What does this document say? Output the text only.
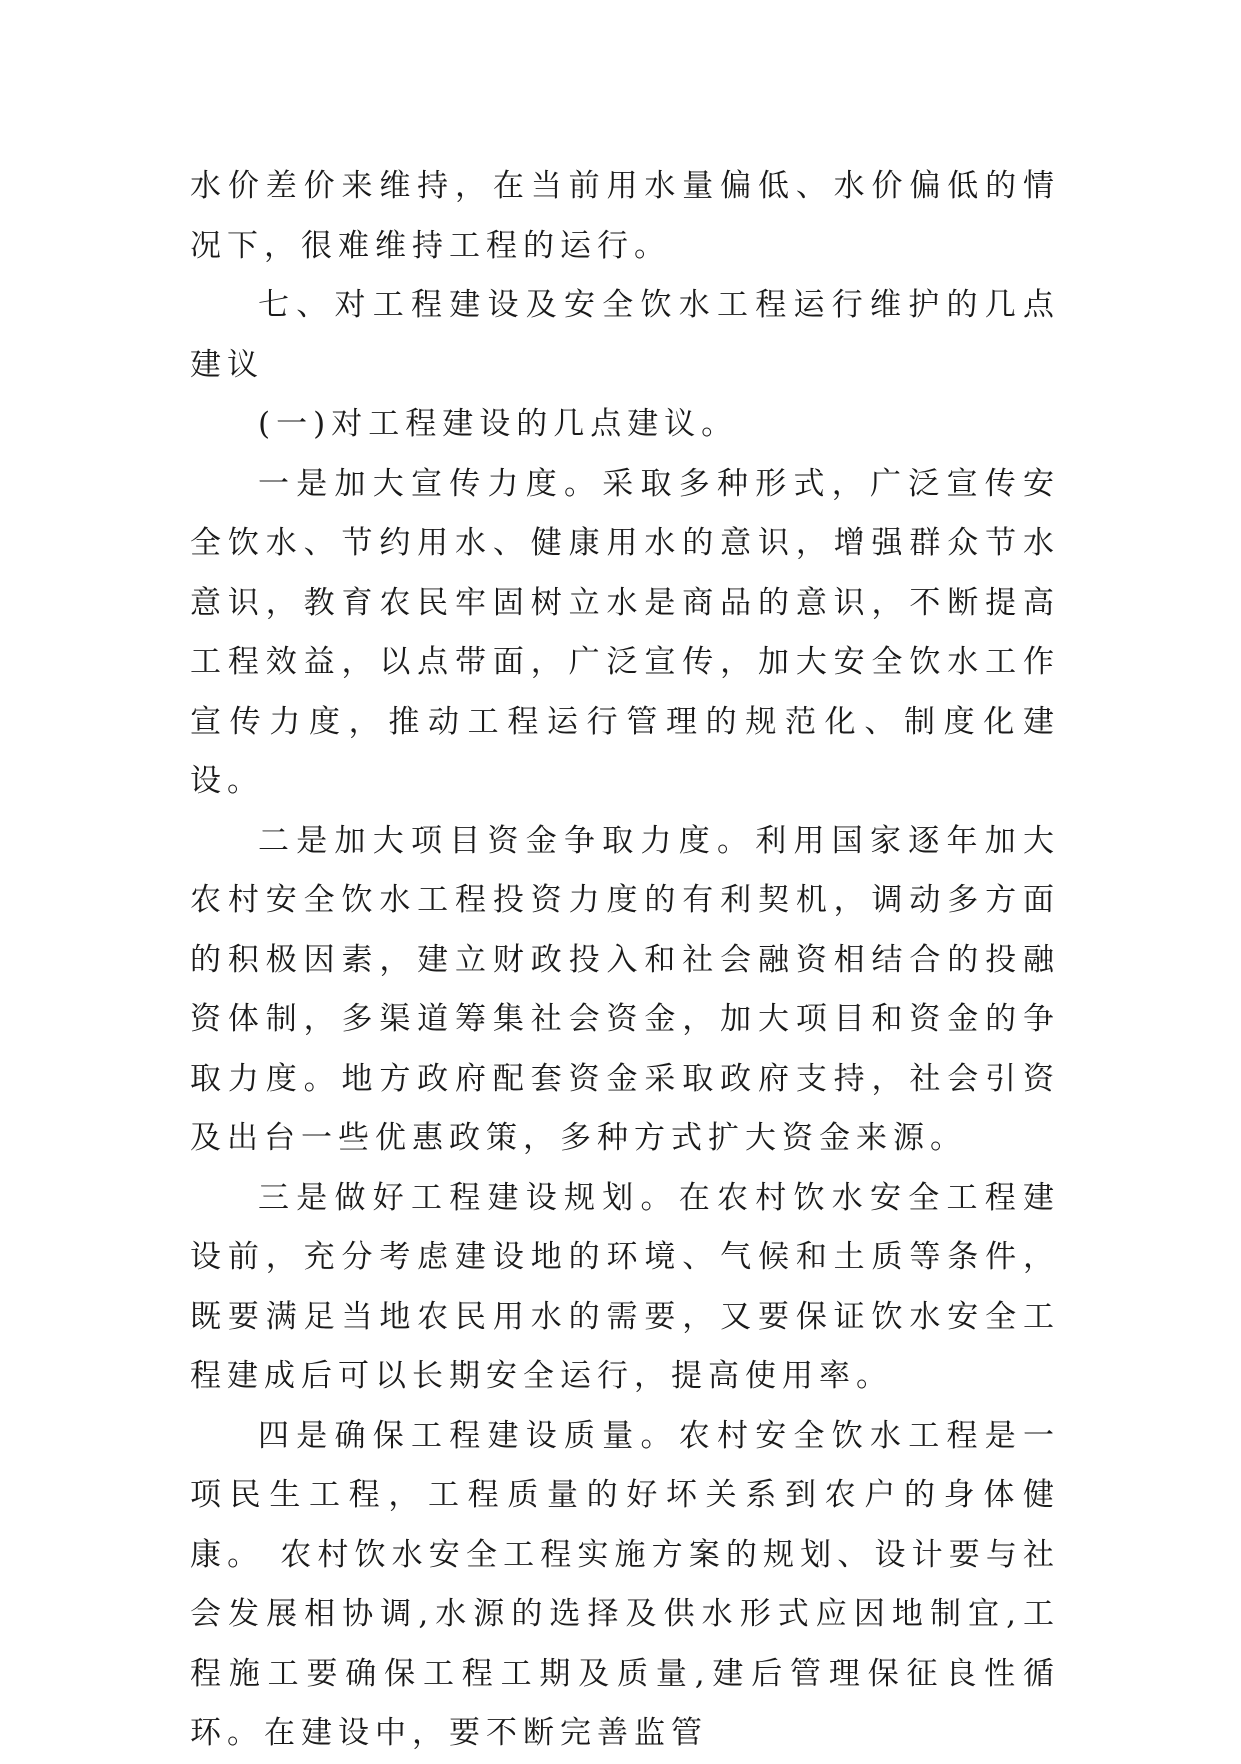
水价差价来维持，在当前用水量偏低、水价偏低的情况下，很难维持工程的运行。

七、对工程建设及安全饮水工程运行维护的几点建议

(一)对工程建设的几点建议。

一是加大宣传力度。采取多种形式，广泛宣传安全饮水、节约用水、健康用水的意识，增强群众节水意识，教育农民牢固树立水是商品的意识，不断提高工程效益，以点带面，广泛宣传，加大安全饮水工作宣传力度，推动工程运行管理的规范化、制度化建设。

二是加大项目资金争取力度。利用国家逐年加大农村安全饮水工程投资力度的有利契机，调动多方面的积极因素，建立财政投入和社会融资相结合的投融资体制，多渠道筹集社会资金，加大项目和资金的争取力度。地方政府配套资金采取政府支持，社会引资及出台一些优惠政策，多种方式扩大资金来源。

三是做好工程建设规划。在农村饮水安全工程建设前，充分考虑建设地的环境、气候和土质等条件，既要满足当地农民用水的需要，又要保证饮水安全工程建成后可以长期安全运行，提高使用率。

四是确保工程建设质量。农村安全饮水工程是一项民生工程，工程质量的好坏关系到农户的身体健康。 农村饮水安全工程实施方案的规划、设计要与社会发展相协调,水源的选择及供水形式应因地制宜,工程施工要确保工程工期及质量,建后管理保征良性循环。在建设中，要不断完善监管
